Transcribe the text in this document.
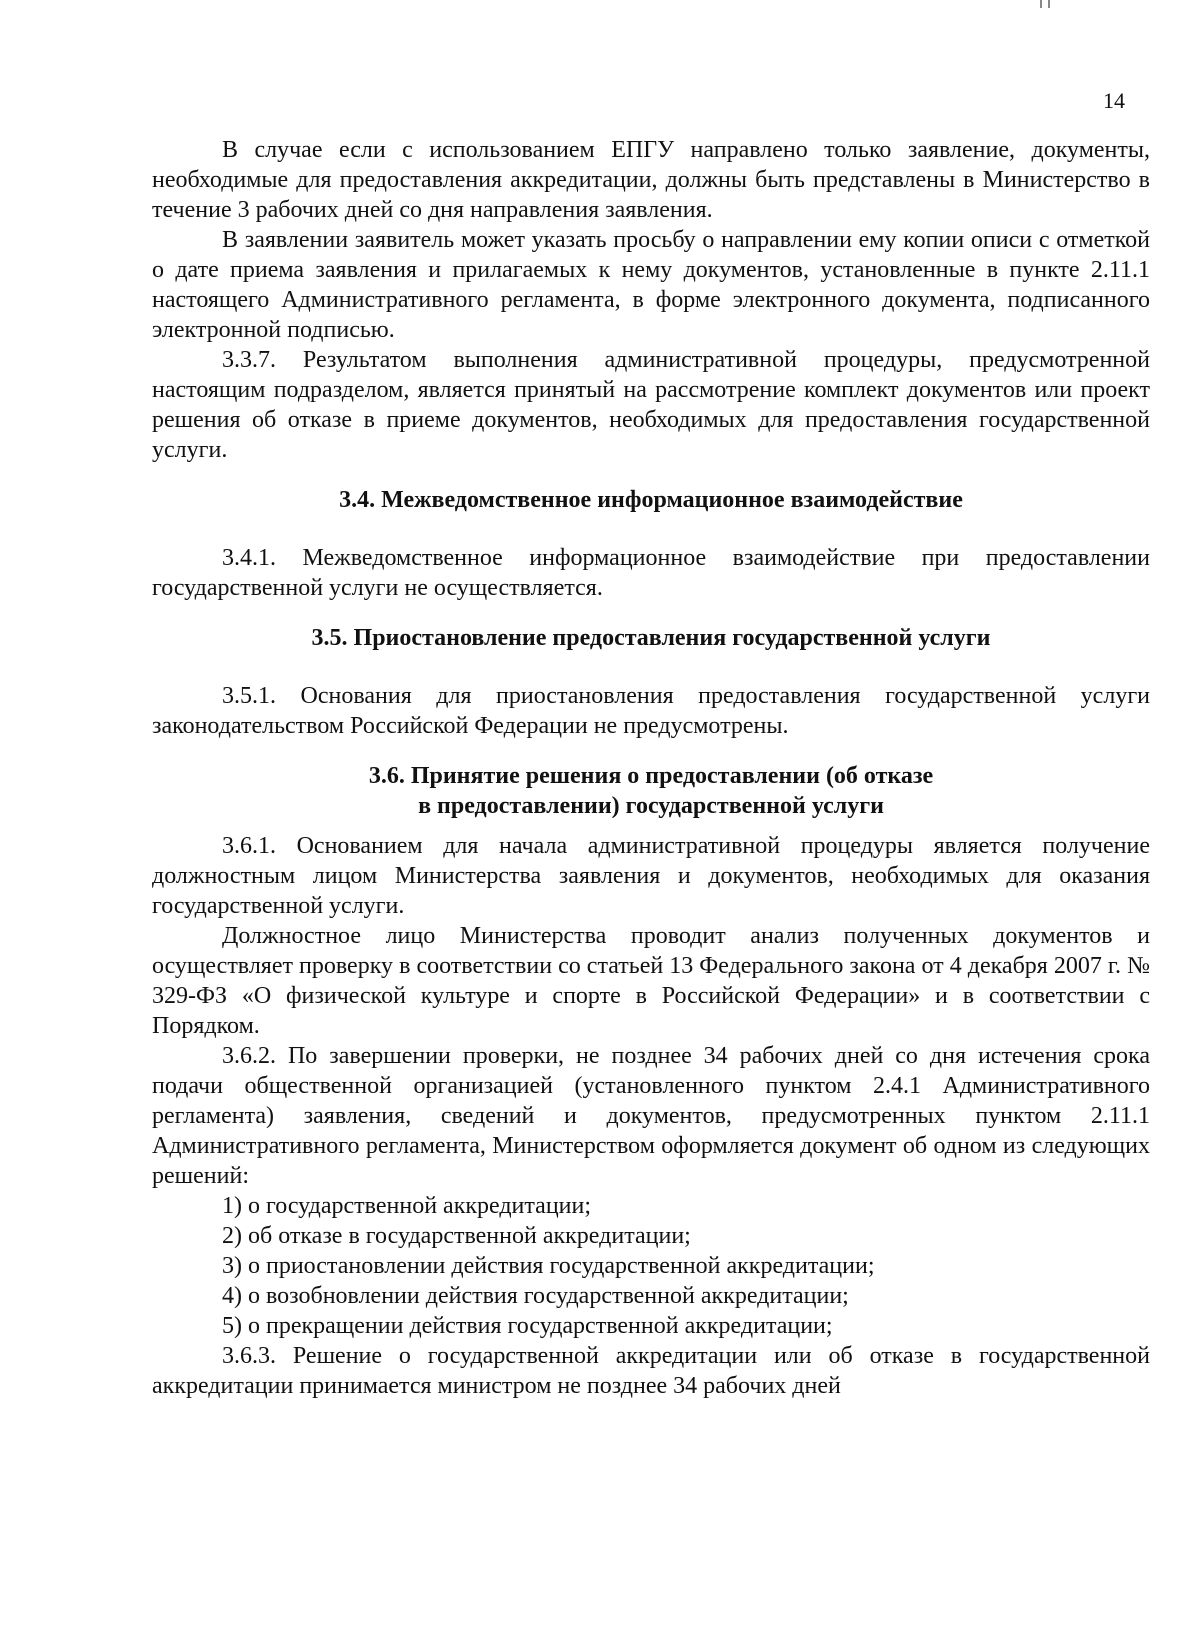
14

В случае если с использованием ЕПГУ направлено только заявление, документы, необходимые для предоставления аккредитации, должны быть представлены в Министерство в течение 3 рабочих дней со дня направления заявления.

В заявлении заявитель может указать просьбу о направлении ему копии описи с отметкой о дате приема заявления и прилагаемых к нему документов, установленные в пункте 2.11.1 настоящего Административного регламента, в форме электронного документа, подписанного электронной подписью.

3.3.7. Результатом выполнения административной процедуры, предусмотренной настоящим подразделом, является принятый на рассмотрение комплект документов или проект решения об отказе в приеме документов, необходимых для предоставления государственной услуги.

3.4. Межведомственное информационное взаимодействие

3.4.1. Межведомственное информационное взаимодействие при предоставлении государственной услуги не осуществляется.

3.5. Приостановление предоставления государственной услуги

3.5.1. Основания для приостановления предоставления государственной услуги законодательством Российской Федерации не предусмотрены.

3.6. Принятие решения о предоставлении (об отказе
в предоставлении) государственной услуги

3.6.1. Основанием для начала административной процедуры является получение должностным лицом Министерства заявления и документов, необходимых для оказания государственной услуги.

Должностное лицо Министерства проводит анализ полученных документов и осуществляет проверку в соответствии со статьей 13 Федерального закона от 4 декабря 2007 г. № 329-ФЗ «О физической культуре и спорте в Российской Федерации» и в соответствии с Порядком.

3.6.2. По завершении проверки, не позднее 34 рабочих дней со дня истечения срока подачи общественной организацией (установленного пунктом 2.4.1 Административного регламента) заявления, сведений и документов, предусмотренных пунктом 2.11.1 Административного регламента, Министерством оформляется документ об одном из следующих решений:

1) о государственной аккредитации;

2) об отказе в государственной аккредитации;

3) о приостановлении действия государственной аккредитации;

4) о возобновлении действия государственной аккредитации;

5) о прекращении действия государственной аккредитации;

3.6.3. Решение о государственной аккредитации или об отказе в государственной аккредитации принимается министром не позднее 34 рабочих дней
